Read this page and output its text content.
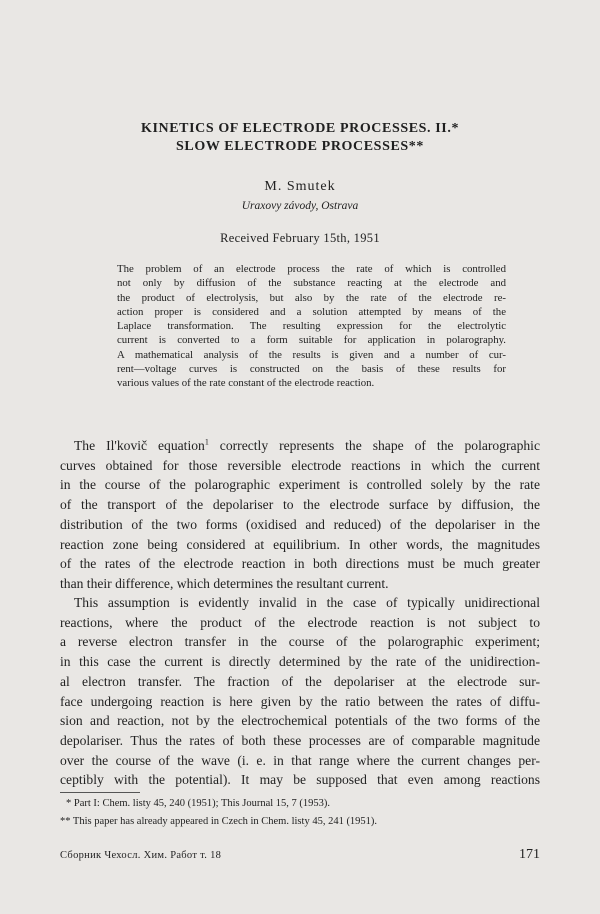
KINETICS OF ELECTRODE PROCESSES. II.*
SLOW ELECTRODE PROCESSES**
M. Smutek
Uraxovy závody, Ostrava
Received February 15th, 1951
The problem of an electrode process the rate of which is controlled
not only by diffusion of the substance reacting at the electrode and
the product of electrolysis, but also by the rate of the electrode re-
action proper is considered and a solution attempted by means of the
Laplace transformation. The resulting expression for the electrolytic
current is converted to a form suitable for application in polarography.
A mathematical analysis of the results is given and a number of cur-
rent—voltage curves is constructed on the basis of these results for
various values of the rate constant of the electrode reaction.
The Il'kovič equation$^1$ correctly represents the shape of the polarographic
curves obtained for those reversible electrode reactions in which the current
in the course of the polarographic experiment is controlled solely by the rate
of the transport of the depolariser to the electrode surface by diffusion, the
distribution of the two forms (oxidised and reduced) of the depolariser in the
reaction zone being considered at equilibrium. In other words, the magnitudes
of the rates of the electrode reaction in both directions must be much greater
than their difference, which determines the resultant current.
This assumption is evidently invalid in the case of typically unidirectional
reactions, where the product of the electrode reaction is not subject to
a reverse electron transfer in the course of the polarographic experiment;
in this case the current is directly determined by the rate of the unidirection-
al electron transfer. The fraction of the depolariser at the electrode sur-
face undergoing reaction is here given by the ratio between the rates of diffu-
sion and reaction, not by the electrochemical potentials of the two forms of the
depolariser. Thus the rates of both these processes are of comparable magnitude
over the course of the wave (i. e. in that range where the current changes per-
ceptibly with the potential). It may be supposed that even among reactions
* Part I: Chem. listy 45, 240 (1951); This Journal 15, 7 (1953).
** This paper has already appeared in Czech in Chem. listy 45, 241 (1951).
Сборник Чехосл. Хим. Работ т. 18	171
